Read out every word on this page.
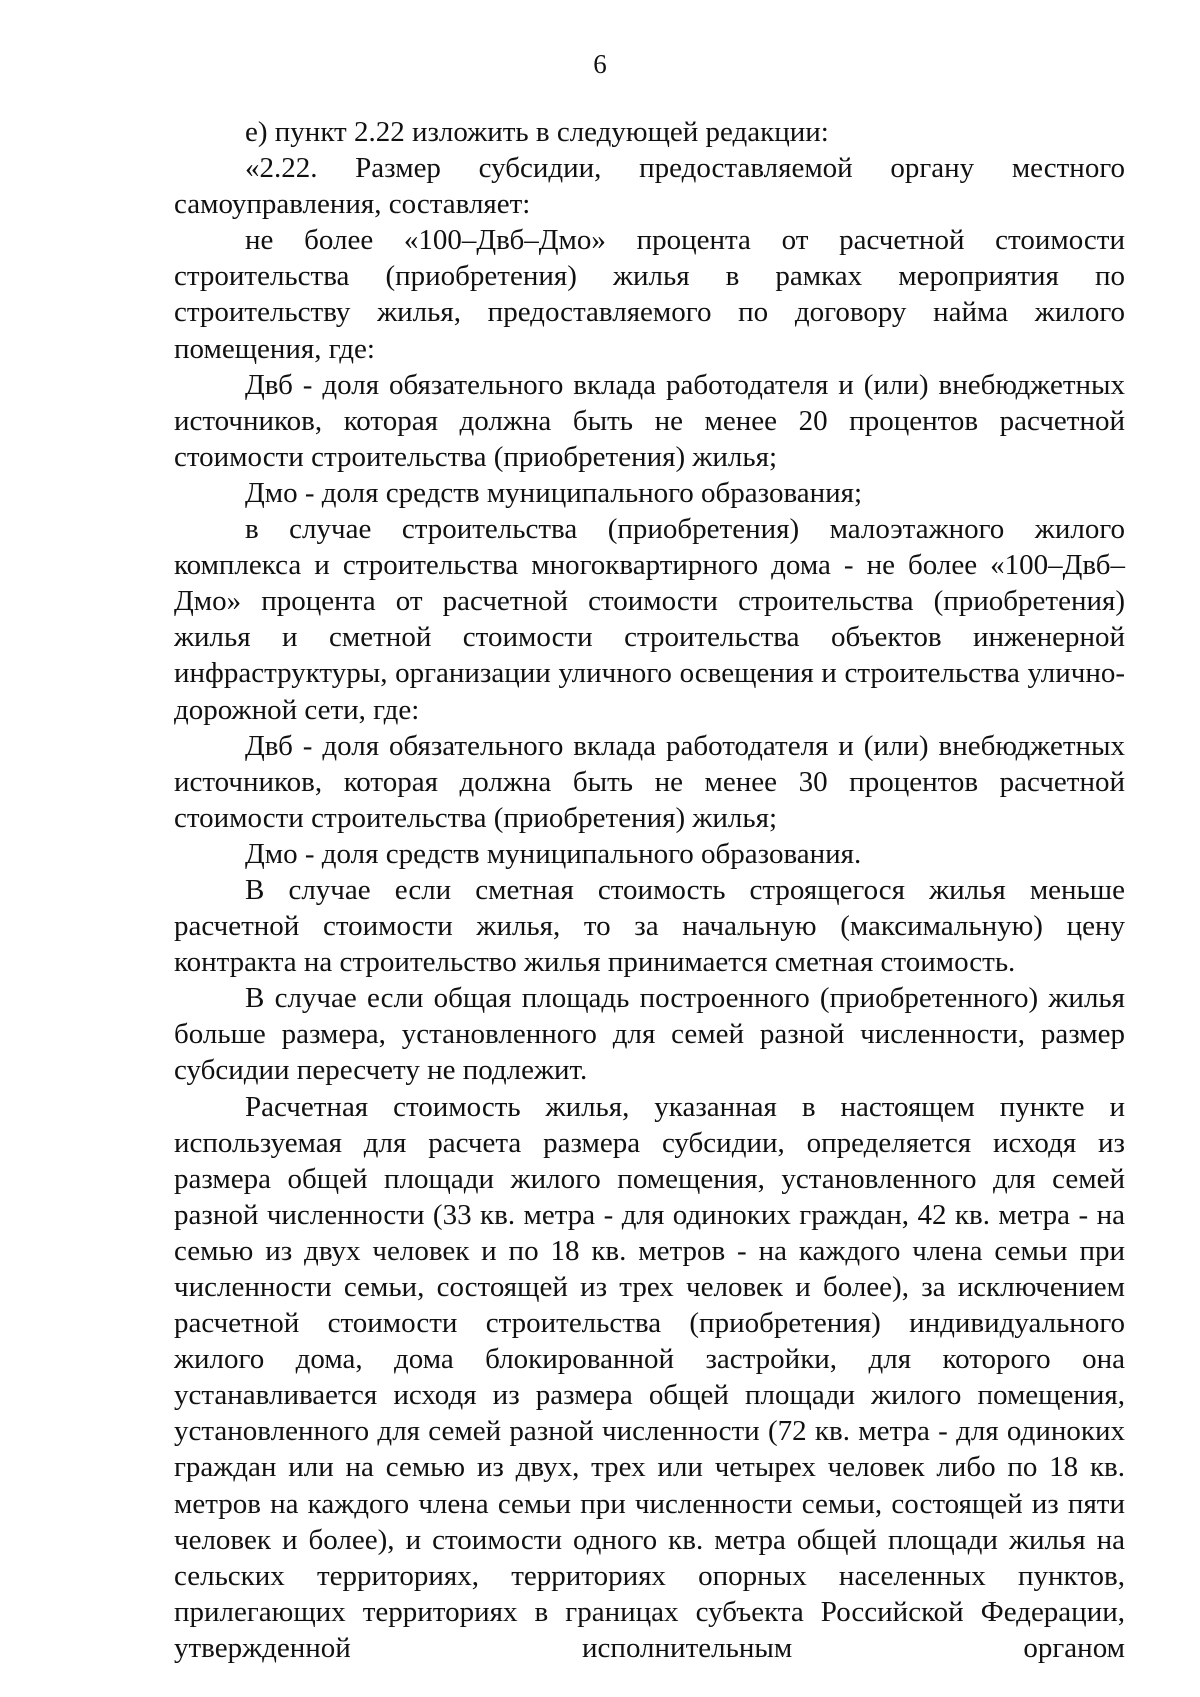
6

е) пункт 2.22 изложить в следующей редакции:

«2.22. Размер субсидии, предоставляемой органу местного самоуправления, составляет:

не более «100–Двб–Дмо» процента от расчетной стоимости строительства (приобретения) жилья в рамках мероприятия по строительству жилья, предоставляемого по договору найма жилого помещения, где:

Двб - доля обязательного вклада работодателя и (или) внебюджетных источников, которая должна быть не менее 20 процентов расчетной стоимости строительства (приобретения) жилья;

Дмо - доля средств муниципального образования;

в случае строительства (приобретения) малоэтажного жилого комплекса и строительства многоквартирного дома - не более «100–Двб–Дмо» процента от расчетной стоимости строительства (приобретения) жилья и сметной стоимости строительства объектов инженерной инфраструктуры, организации уличного освещения и строительства улично-дорожной сети, где:

Двб - доля обязательного вклада работодателя и (или) внебюджетных источников, которая должна быть не менее 30 процентов расчетной стоимости строительства (приобретения) жилья;

Дмо - доля средств муниципального образования.

В случае если сметная стоимость строящегося жилья меньше расчетной стоимости жилья, то за начальную (максимальную) цену контракта на строительство жилья принимается сметная стоимость.

В случае если общая площадь построенного (приобретенного) жилья больше размера, установленного для семей разной численности, размер субсидии пересчету не подлежит.

Расчетная стоимость жилья, указанная в настоящем пункте и используемая для расчета размера субсидии, определяется исходя из размера общей площади жилого помещения, установленного для семей разной численности (33 кв. метра - для одиноких граждан, 42 кв. метра - на семью из двух человек и по 18 кв. метров - на каждого члена семьи при численности семьи, состоящей из трех человек и более), за исключением расчетной стоимости строительства (приобретения) индивидуального жилого дома, дома блокированной застройки, для которого она устанавливается исходя из размера общей площади жилого помещения, установленного для семей разной численности (72 кв. метра - для одиноких граждан или на семью из двух, трех или четырех человек либо по 18 кв. метров на каждого члена семьи при численности семьи, состоящей из пяти человек и более), и стоимости одного кв. метра общей площади жилья на сельских территориях, территориях опорных населенных пунктов, прилегающих территориях в границах субъекта Российской Федерации, утвержденной исполнительным органом
